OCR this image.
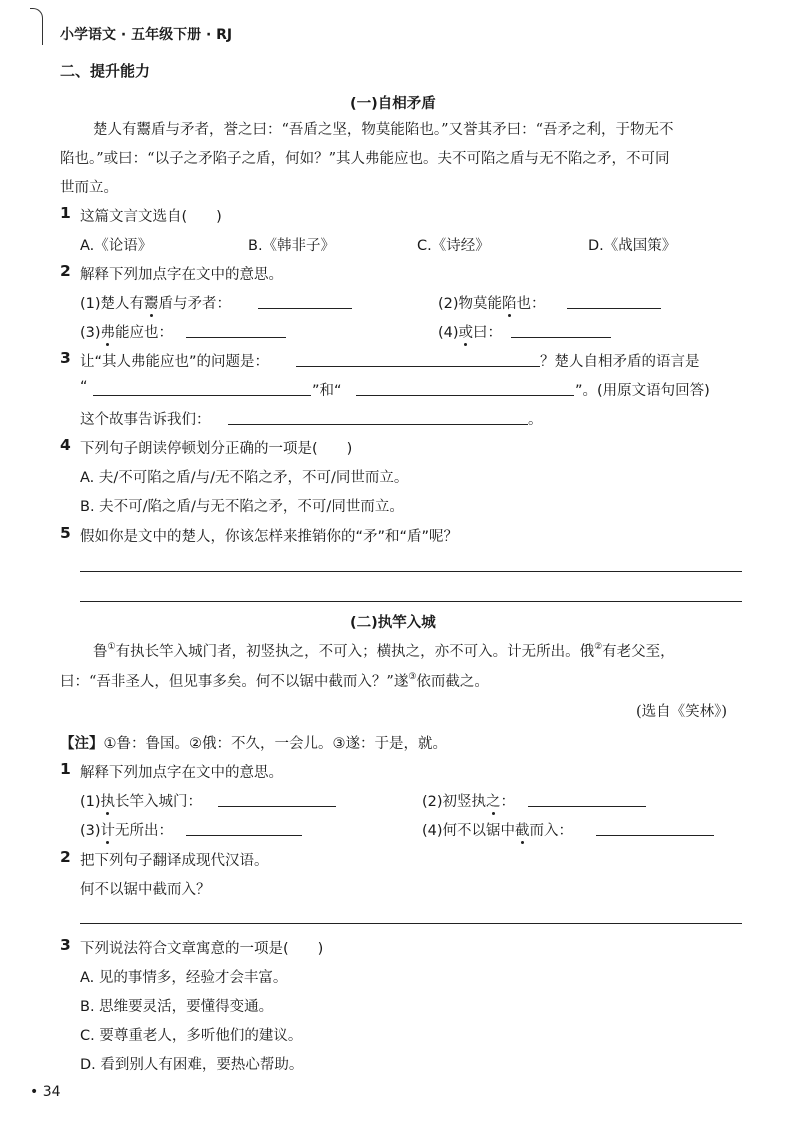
小学语文 · 五年级下册 · RJ
二、提升能力
(一)自相矛盾
楚人有鬻盾与矛者，誉之曰：“吾盾之坚，物莫能陷也。”又誉其矛曰：“吾矛之利，于物无不
陷也。”或曰：“以子之矛陷子之盾，何如？”其人弗能应也。夫不可陷之盾与无不陷之矛，不可同
世而立。
1 这篇文言文选自(　　)
A.《论语》	B.《韩非子》	C.《诗经》	D.《战国策》
2 解释下列加点字在文中的意思。
(1)楚人有鬻盾与矛者：	(2)物莫能陷也：
(3)弗能应也：	(4)或曰：
3 让“其人弗能应也”的问题是：	？楚人自相矛盾的语言是
“	”和“	”。(用原文语句回答)
这个故事告诉我们：	。
4 下列句子朗读停顿划分正确的一项是(　　)
A. 夫/不可陷之盾/与/无不陷之矛，不可/同世而立。
B. 夫不可/陷之盾/与无不陷之矛，不可/同世而立。
5 假如你是文中的楚人，你该怎样来推销你的“矛”和“盾”呢？
(二)执竿入城
鲁①有执长竿入城门者，初竖执之，不可入；横执之，亦不可入。计无所出。俄②有老父至，
曰：“吾非圣人，但见事多矣。何不以锯中截而入？”遂③依而截之。
(选自《笑林》)
【注】①鲁：鲁国。②俄：不久，一会儿。③遂：于是，就。
1 解释下列加点字在文中的意思。
(1)执长竿入城门：	(2)初竖执之：
(3)计无所出：	(4)何不以锯中截而入：
2 把下列句子翻译成现代汉语。
何不以锯中截而入？
3 下列说法符合文章寓意的一项是(　　)
A. 见的事情多，经验才会丰富。
B. 思维要灵活，要懂得变通。
C. 要尊重老人，多听他们的建议。
D. 看到别人有困难，要热心帮助。
• 34
